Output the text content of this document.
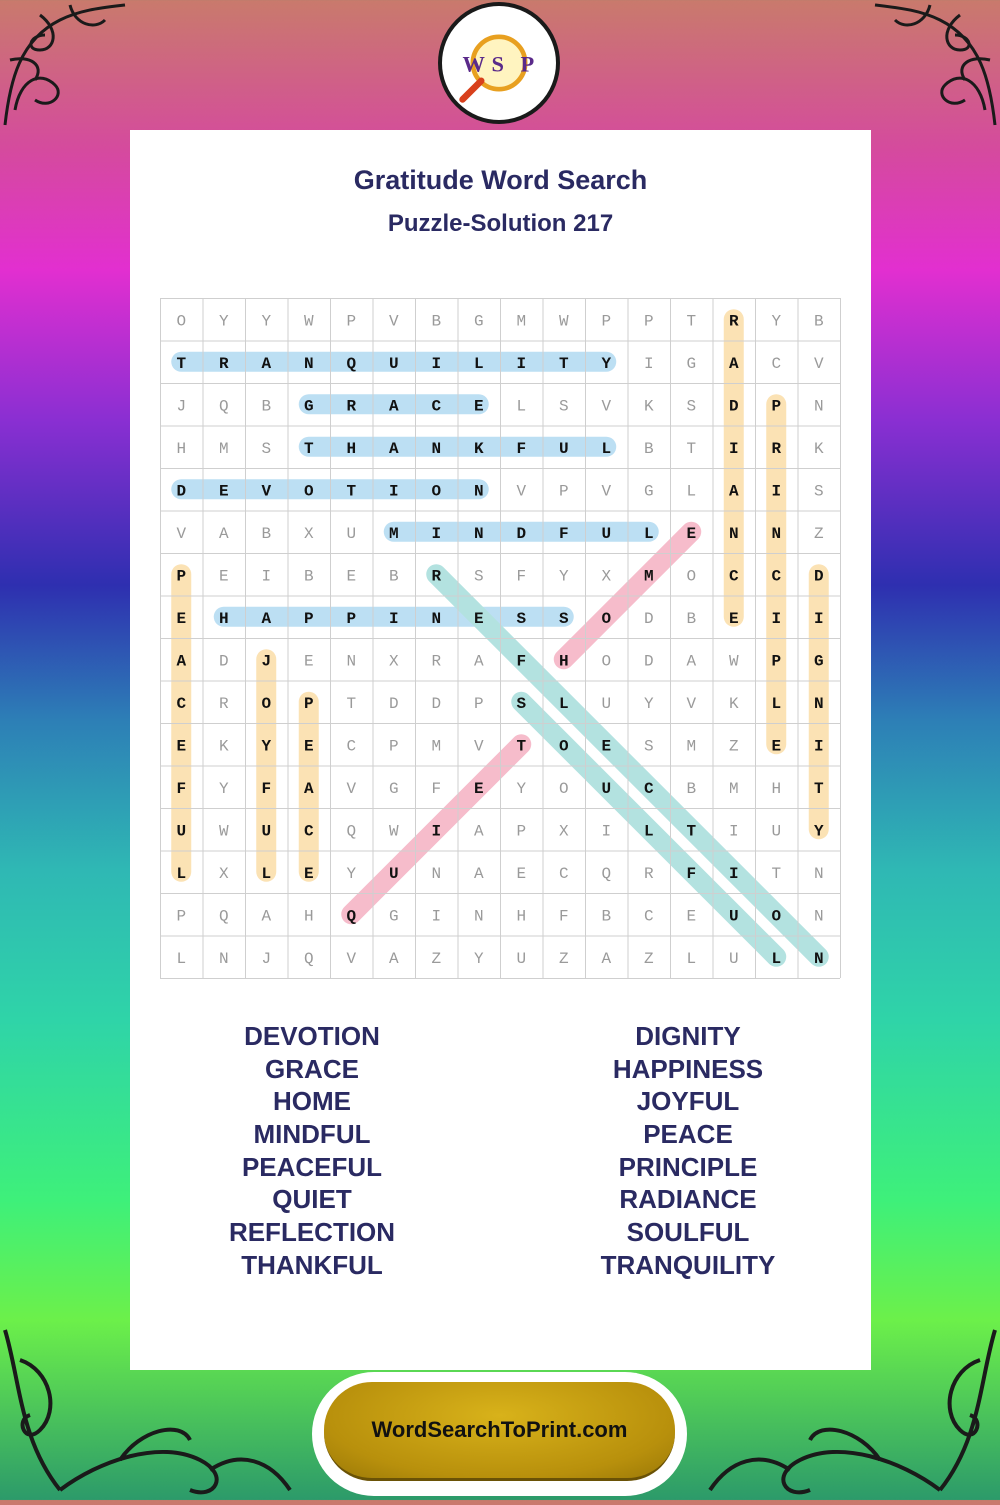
W S P
Gratitude Word Search
Puzzle-Solution 217
O Y Y W P V B G M W P P T R Y B
T R A N Q U I L I T Y I G A C V
J Q B G R A C E L S V K S D P N
H M S T H A N K F U L B T I R K
D E V O T I O N V P V G L A I S
V A B X U M I N D F U L E N N Z
P E I B E B R S F Y X M O C C D
E H A P P I N E S S O D B E I I
A D J E N X R A F H O D A W P G
C R O P T D D P S L U Y V K L N
E K Y E C P M V T O E S M Z E I
F Y F A V G F E Y O U C B M H T
U W U C Q W I A P X I L T I U Y
L X L E Y U N A E C Q R F I T N
P Q A H Q G I N H F B C E U O N
L N J Q V A Z Y U Z A Z L U L N
DEVOTION
GRACE
HOME
MINDFUL
PEACEFUL
QUIET
REFLECTION
THANKFUL
DIGNITY
HAPPINESS
JOYFUL
PEACE
PRINCIPLE
RADIANCE
SOULFUL
TRANQUILITY
WordSearchToPrint.com
